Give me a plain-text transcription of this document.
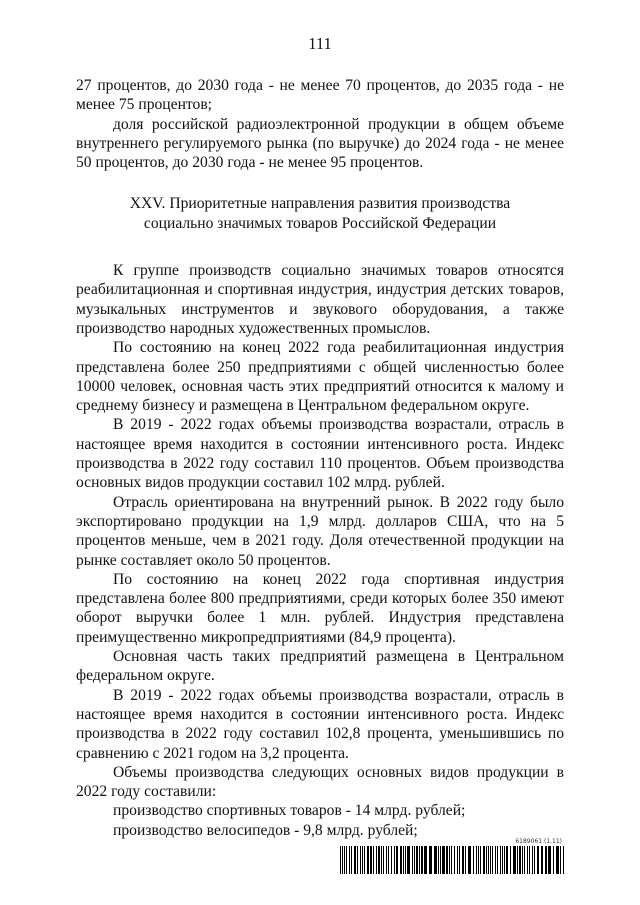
111

27 процентов, до 2030 года - не менее 70 процентов, до 2035 года - не менее 75 процентов;

доля российской радиоэлектронной продукции в общем объеме внутреннего регулируемого рынка (по выручке) до 2024 года - не менее 50 процентов, до 2030 года - не менее 95 процентов.

XXV. Приоритетные направления развития производства
социально значимых товаров Российской Федерации

К группе производств социально значимых товаров относятся реабилитационная и спортивная индустрия, индустрия детских товаров, музыкальных инструментов и звукового оборудования, а также производство народных художественных промыслов.

По состоянию на конец 2022 года реабилитационная индустрия представлена более 250 предприятиями с общей численностью более 10000 человек, основная часть этих предприятий относится к малому и среднему бизнесу и размещена в Центральном федеральном округе.

В 2019 - 2022 годах объемы производства возрастали, отрасль в настоящее время находится в состоянии интенсивного роста. Индекс производства в 2022 году составил 110 процентов. Объем производства основных видов продукции составил 102 млрд. рублей.

Отрасль ориентирована на внутренний рынок. В 2022 году было экспортировано продукции на 1,9 млрд. долларов США, что на 5 процентов меньше, чем в 2021 году. Доля отечественной продукции на рынке составляет около 50 процентов.

По состоянию на конец 2022 года спортивная индустрия представлена более 800 предприятиями, среди которых более 350 имеют оборот выручки более 1 млн. рублей. Индустрия представлена преимущественно микропредприятиями (84,9 процента).

Основная часть таких предприятий размещена в Центральном федеральном округе.

В 2019 - 2022 годах объемы производства возрастали, отрасль в настоящее время находится в состоянии интенсивного роста. Индекс производства в 2022 году составил 102,8 процента, уменьшившись по сравнению с 2021 годом на 3,2 процента.

Объемы производства следующих основных видов продукции в 2022 году составили:

производство спортивных товаров - 14 млрд. рублей;

производство велосипедов - 9,8 млрд. рублей;

6189061 (1.11)
